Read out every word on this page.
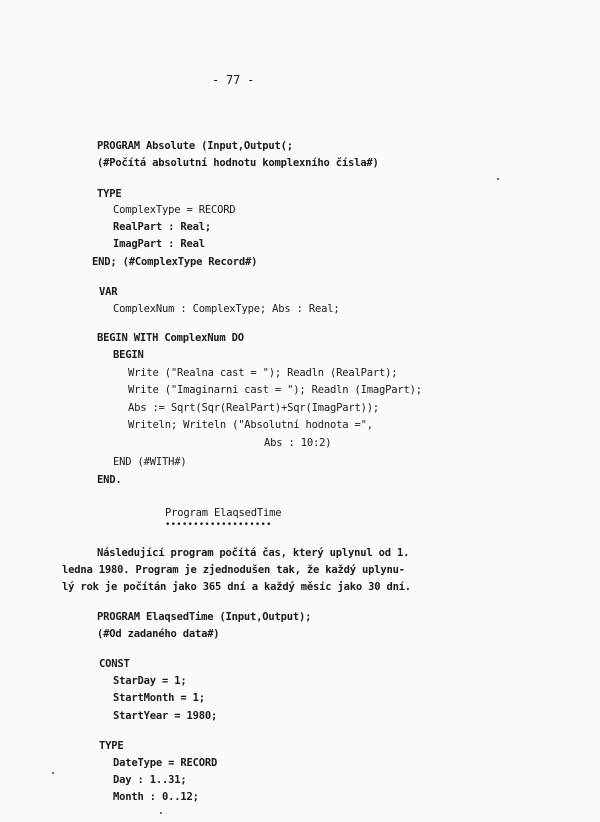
- 77 -
PROGRAM Absolute (Input,Output(;
(#Počítá absolutní hodnotu komplexního čísla#)
TYPE
ComplexType = RECORD
RealPart : Real;
ImagPart : Real
END; (#ComplexType Record#)
VAR
ComplexNum : ComplexType; Abs : Real;
BEGIN WITH ComplexNum DO
BEGIN
Write ("Realna cast = "); Readln (RealPart);
Write ("Imaginarni cast = "); Readln (ImagPart);
Abs := Sqrt(Sqr(RealPart)+Sqr(ImagPart));
Writeln; Writeln ("Absolutní hodnota =",
Abs : 10:2)
END (#WITH#)
END.
Program ElaqsedTime
•••••••••••••••••••
Následující program počítá čas, který uplynul od 1.
ledna 1980. Program je zjednodušen tak, že každý uplynu-
lý rok je počítán jako 365 dní a každý měsíc jako 30 dní.
PROGRAM ElaqsedTime (Input,Output);
(#Od zadaného data#)
CONST
StarDay = 1;
StartMonth = 1;
StartYear = 1980;
TYPE
DateType = RECORD
Day : 1..31;
Month : 0..12;
